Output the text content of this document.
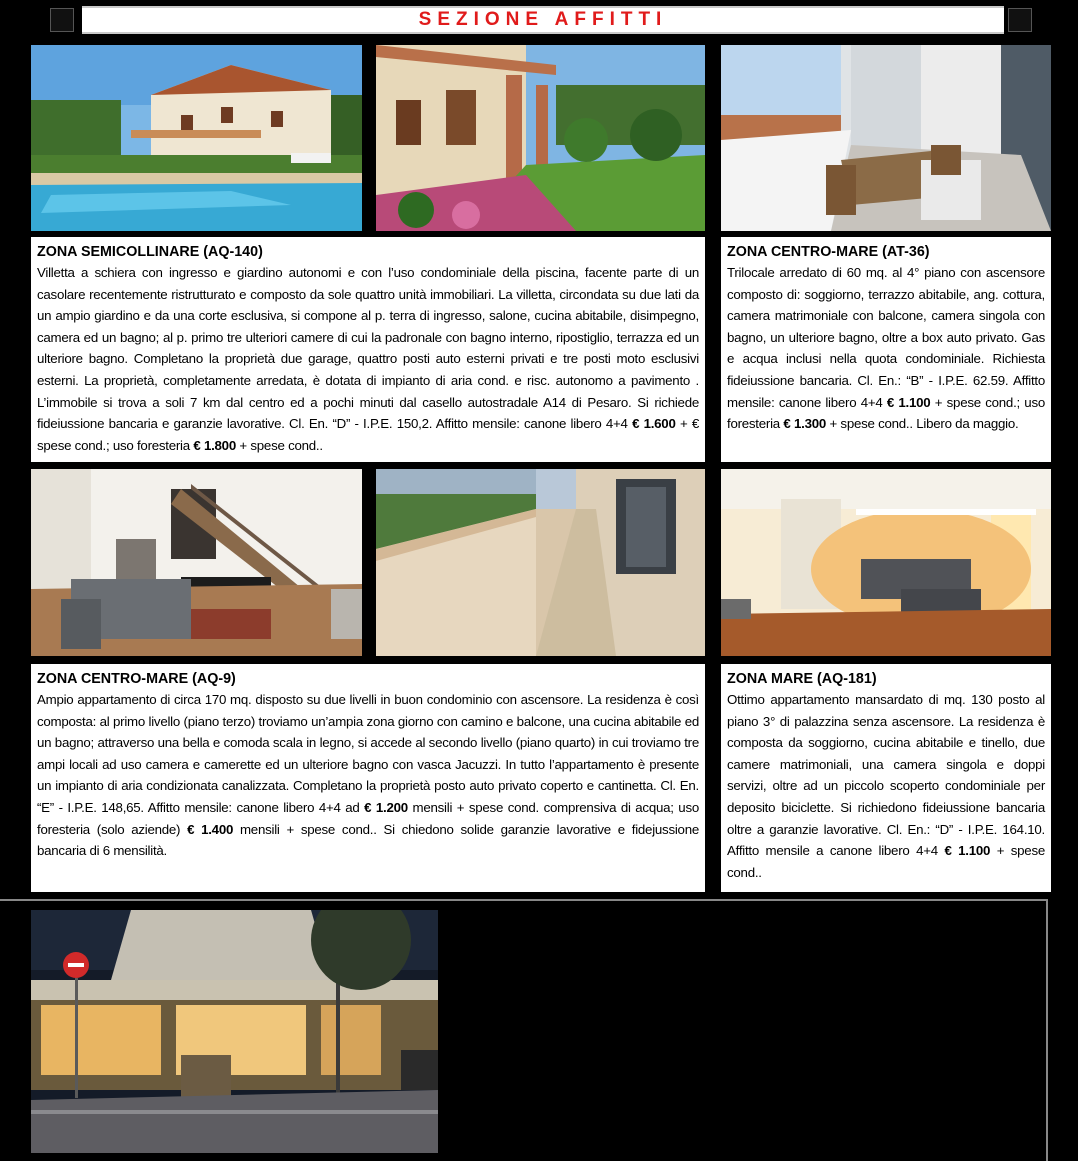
SEZIONE AFFITTI
ZONA SEMICOLLINARE (AQ-140)

Villetta a schiera con ingresso e giardino autonomi e con l’uso condominiale della piscina, facente parte di un casolare recentemente ristrutturato e composto da sole quattro unità immobiliari. La villetta, circondata su due lati da un ampio giardino e da una corte esclusiva, si compone al p. terra di ingresso, salone, cucina abitabile, disimpegno, camera ed un bagno; al p. primo tre ulteriori camere di cui la padronale con bagno interno, ripostiglio, terrazza ed un ulteriore bagno. Completano la proprietà due garage, quattro posti auto esterni privati e tre posti moto esclusivi esterni. La proprietà, completamente arredata, è dotata di impianto di aria cond. e risc. autonomo a pavimento . L’immobile si trova a soli 7 km dal centro ed a pochi minuti dal casello autostradale A14 di Pesaro. Si richiede fideiussione bancaria e garanzie lavorative. Cl. En. “D” - I.P.E. 150,2. Affitto mensile: canone libero 4+4 € 1.600 + € spese cond.; uso foresteria € 1.800 + spese cond..

ZONA CENTRO-MARE (AT-36)

Trilocale arredato di 60 mq. al 4° piano con ascensore composto di: soggiorno, terrazzo abitabile, ang. cottura, camera matrimoniale con balcone, camera singola con bagno, un ulteriore bagno, oltre a box auto privato. Gas e acqua inclusi nella quota condominiale. Richiesta fideiussione bancaria. Cl. En.: “B” - I.P.E. 62.59. Affitto mensile: canone libero 4+4 € 1.100 + spese cond.; uso foresteria € 1.300 + spese cond.. Libero da maggio.

ZONA CENTRO-MARE (AQ-9)

Ampio appartamento di circa 170 mq. disposto su due livelli in buon condominio con ascensore. La residenza è così composta: al primo livello (piano terzo) troviamo un’ampia zona giorno con camino e balcone, una cucina abitabile ed un bagno; attraverso una bella e comoda scala in legno, si accede al secondo livello (piano quarto) in cui troviamo tre ampi locali ad uso camera e camerette ed un ulteriore bagno con vasca Jacuzzi. In tutto l’appartamento è presente un impianto di aria condizionata canalizzata. Completano la proprietà posto auto privato coperto e cantinetta. Cl. En. “E” - I.P.E. 148,65. Affitto mensile: canone libero 4+4 ad € 1.200 mensili + spese cond. comprensiva di acqua; uso foresteria (solo aziende) € 1.400 mensili + spese cond.. Si chiedono solide garanzie lavorative e fidejussione bancaria di 6 mensilità.

ZONA MARE (AQ-181)

Ottimo appartamento mansardato di mq. 130 posto al piano 3° di palazzina senza ascensore. La residenza è composta da soggiorno, cucina abitabile e tinello, due camere matrimoniali, una camera singola e doppi servizi, oltre ad un piccolo scoperto condominiale per deposito biciclette. Si richiedono fideiussione bancaria oltre a garanzie lavorative. Cl. En.: “D” - I.P.E. 164.10. Affitto mensile a canone libero 4+4 € 1.100 + spese cond..
